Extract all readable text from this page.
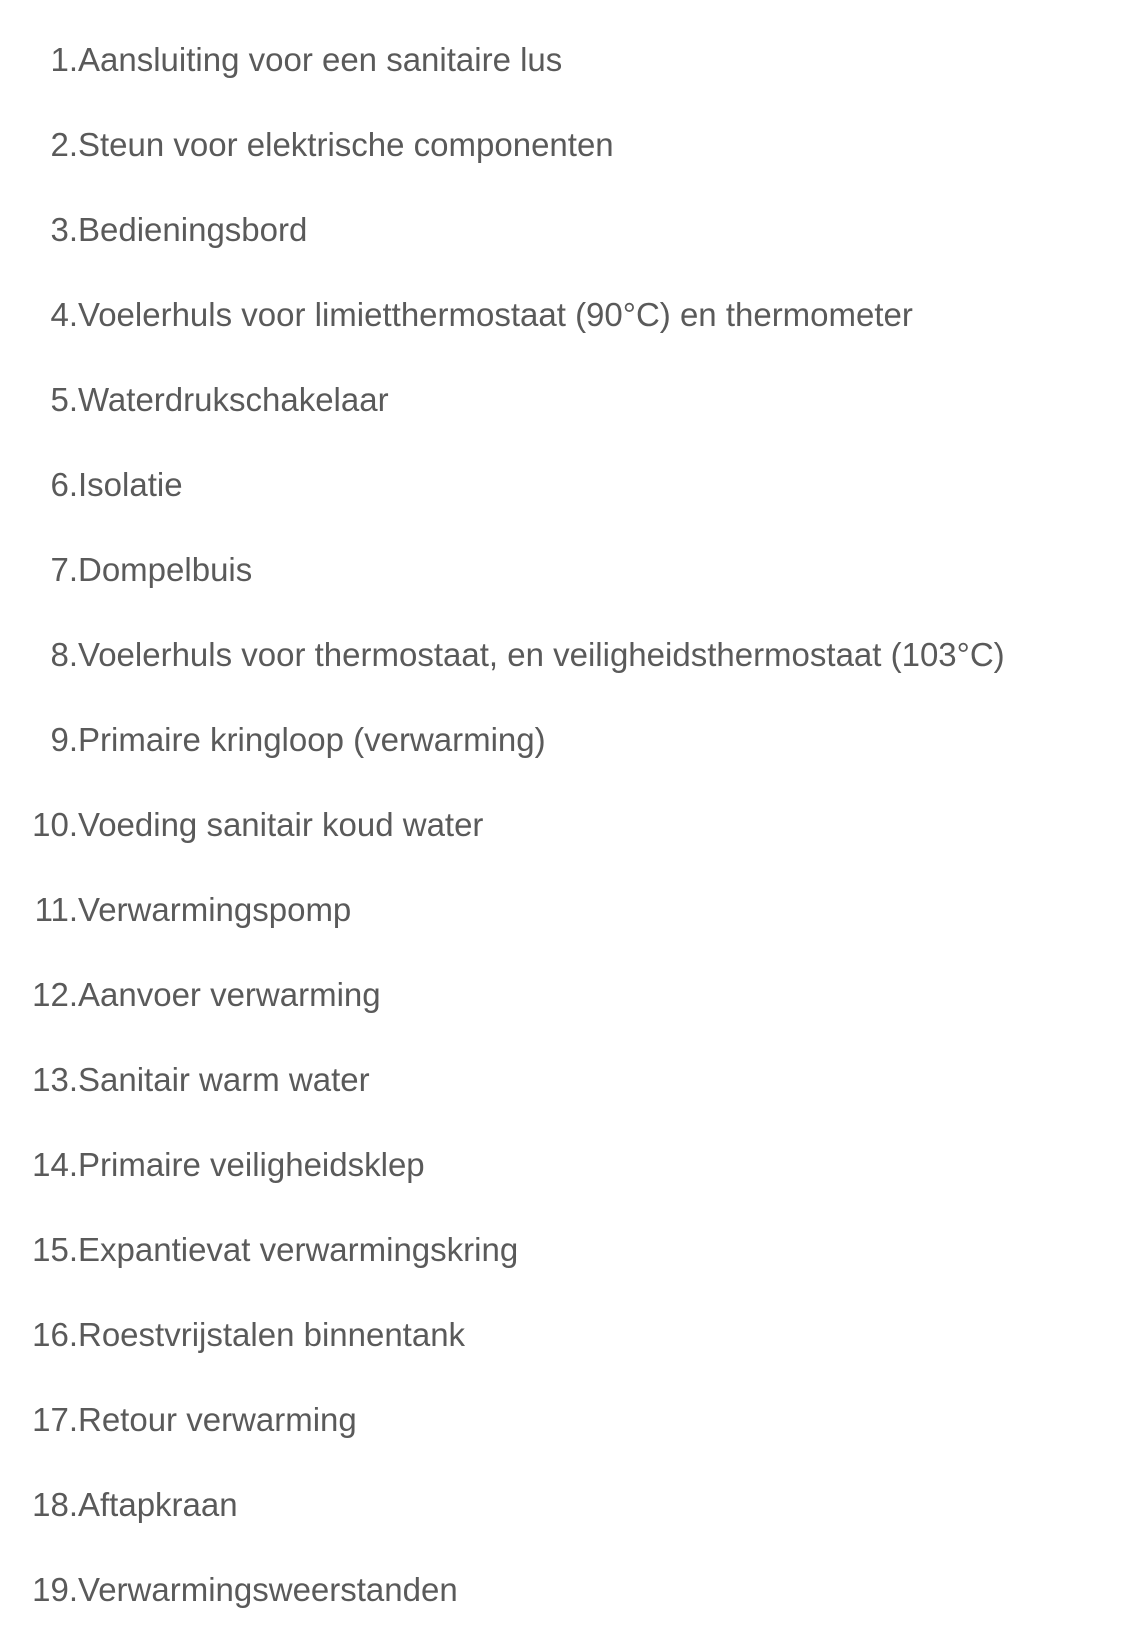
1. Aansluiting voor een sanitaire lus
2. Steun voor elektrische componenten
3. Bedieningsbord
4. Voelerhuls voor limietthermostaat (90°C) en thermometer
5. Waterdrukschakelaar
6. Isolatie
7. Dompelbuis
8. Voelerhuls voor thermostaat, en veiligheidsthermostaat (103°C)
9. Primaire kringloop (verwarming)
10. Voeding sanitair koud water
11. Verwarmingspomp
12. Aanvoer verwarming
13. Sanitair warm water
14. Primaire veiligheidsklep
15. Expantievat verwarmingskring
16. Roestvrijstalen binnentank
17. Retour verwarming
18. Aftapkraan
19. Verwarmingsweerstanden
